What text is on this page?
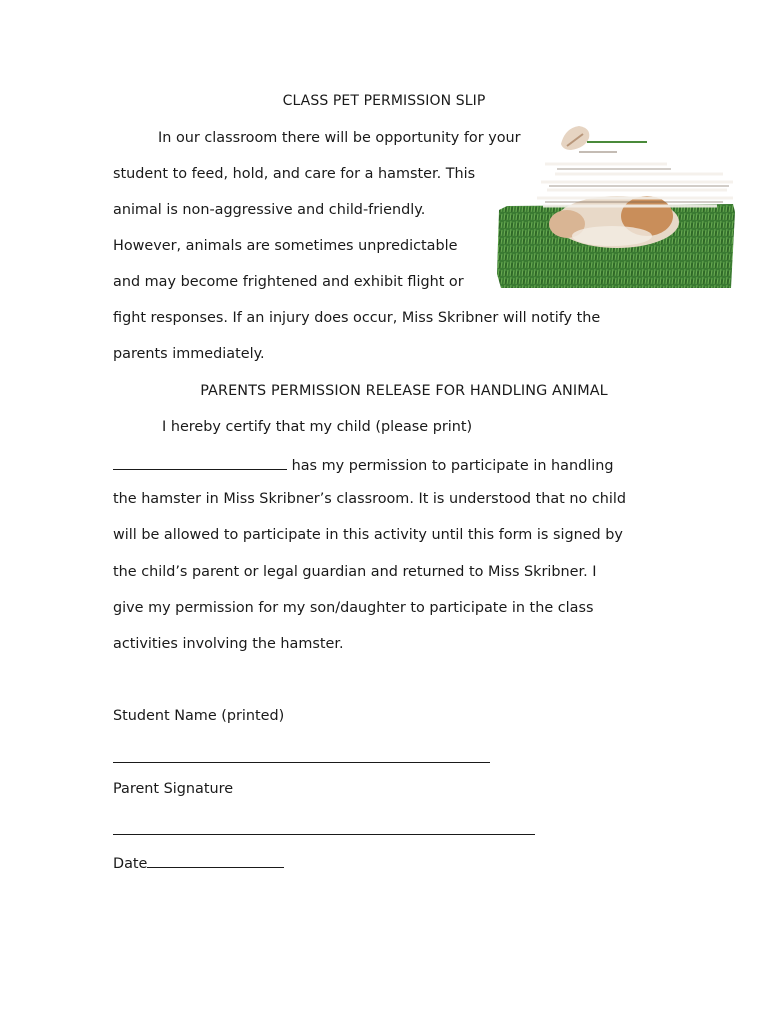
CLASS PET PERMISSION SLIP
In our classroom there will be opportunity for your
student to feed, hold, and care for a hamster. This
animal is non-aggressive and child-friendly.
However, animals are sometimes unpredictable
and may become frightened and exhibit flight or
fight responses. If an injury does occur, Miss Skribner will notify the
parents immediately.
PARENTS PERMISSION RELEASE FOR HANDLING ANIMAL
I hereby certify that my child (please print)
has my permission to participate in handling
the hamster in Miss Skribner’s classroom. It is understood that no child
will be allowed to participate in this activity until this form is signed by
the child’s parent or legal guardian and returned to Miss Skribner. I
give my permission for my son/daughter to participate in the class
activities involving the hamster.
Student Name (printed)
Parent Signature
Date
